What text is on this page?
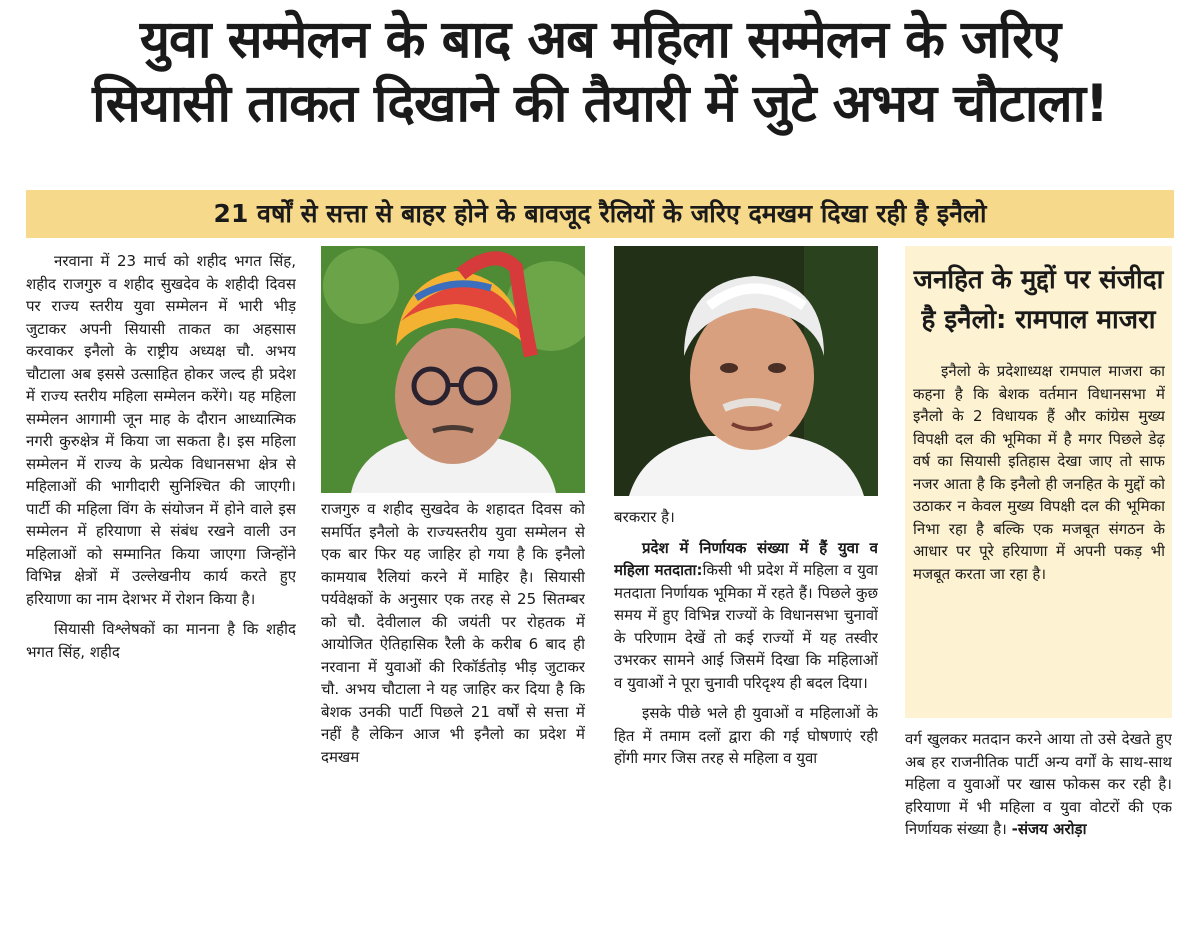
युवा सम्मेलन के बाद अब महिला सम्मेलन के जरिए
सियासी ताकत दिखाने की तैयारी में जुटे अभय चौटाला!
21 वर्षों से सत्ता से बाहर होने के बावजूद रैलियों के जरिए दमखम दिखा रही है इनैलो

नरवाना में 23 मार्च को शहीद भगत सिंह, शहीद राजगुरु व शहीद सुखदेव के शहीदी दिवस पर राज्य स्तरीय युवा सम्मेलन में भारी भीड़ जुटाकर अपनी सियासी ताकत का अहसास करवाकर इनैलो के राष्ट्रीय अध्यक्ष चौ. अभय चौटाला अब इससे उत्साहित होकर जल्द ही प्रदेश में राज्य स्तरीय महिला सम्मेलन करेंगे। यह महिला सम्मेलन आगामी जून माह के दौरान आध्यात्मिक नगरी कुरुक्षेत्र में किया जा सकता है। इस महिला सम्मेलन में राज्य के प्रत्येक विधानसभा क्षेत्र से महिलाओं की भागीदारी सुनिश्चित की जाएगी। पार्टी की महिला विंग के संयोजन में होने वाले इस सम्मेलन में हरियाणा से संबंध रखने वाली उन महिलाओं को सम्मानित किया जाएगा जिन्होंने विभिन्न क्षेत्रों में उल्लेखनीय कार्य करते हुए हरियाणा का नाम देशभर में रोशन किया है।

सियासी विश्लेषकों का मानना है कि शहीद भगत सिंह, शहीद

राजगुरु व शहीद सुखदेव के शहादत दिवस को समर्पित इनैलो के राज्यस्तरीय युवा सम्मेलन से एक बार फिर यह जाहिर हो गया है कि इनैलो कामयाब रैलियां करने में माहिर है। सियासी पर्यवेक्षकों के अनुसार एक तरह से 25 सितम्बर को चौ. देवीलाल की जयंती पर रोहतक में आयोजित ऐतिहासिक रैली के करीब 6 बाद ही नरवाना में युवाओं की रिकॉर्डतोड़ भीड़ जुटाकर चौ. अभय चौटाला ने यह जाहिर कर दिया है कि बेशक उनकी पार्टी पिछले 21 वर्षों से सत्ता में नहीं है लेकिन आज भी इनैलो का प्रदेश में दमखम

बरकरार है।

प्रदेश में निर्णायक संख्या में हैं युवा व महिला मतदाता:किसी भी प्रदेश में महिला व युवा मतदाता निर्णायक भूमिका में रहते हैं। पिछले कुछ समय में हुए विभिन्न राज्यों के विधानसभा चुनावों के परिणाम देखें तो कई राज्यों में यह तस्वीर उभरकर सामने आई जिसमें दिखा कि महिलाओं व युवाओं ने पूरा चुनावी परिदृश्य ही बदल दिया।

इसके पीछे भले ही युवाओं व महिलाओं के हित में तमाम दलों द्वारा की गई घोषणाएं रही होंगी मगर जिस तरह से महिला व युवा

जनहित के मुद्दों पर संजीदा है इनैलो: रामपाल माजरा

इनैलो के प्रदेशाध्यक्ष रामपाल माजरा का कहना है कि बेशक वर्तमान विधानसभा में इनैलो के 2 विधायक हैं और कांग्रेस मुख्य विपक्षी दल की भूमिका में है मगर पिछले डेढ़ वर्ष का सियासी इतिहास देखा जाए तो साफ नजर आता है कि इनैलो ही जनहित के मुद्दों को उठाकर न केवल मुख्य विपक्षी दल की भूमिका निभा रहा है बल्कि एक मजबूत संगठन के आधार पर पूरे हरियाणा में अपनी पकड़ भी मजबूत करता जा रहा है।

वर्ग खुलकर मतदान करने आया तो उसे देखते हुए अब हर राजनीतिक पार्टी अन्य वर्गों के साथ-साथ महिला व युवाओं पर खास फोकस कर रही है। हरियाणा में भी महिला व युवा वोटरों की एक निर्णायक संख्या है। -संजय अरोड़ा
